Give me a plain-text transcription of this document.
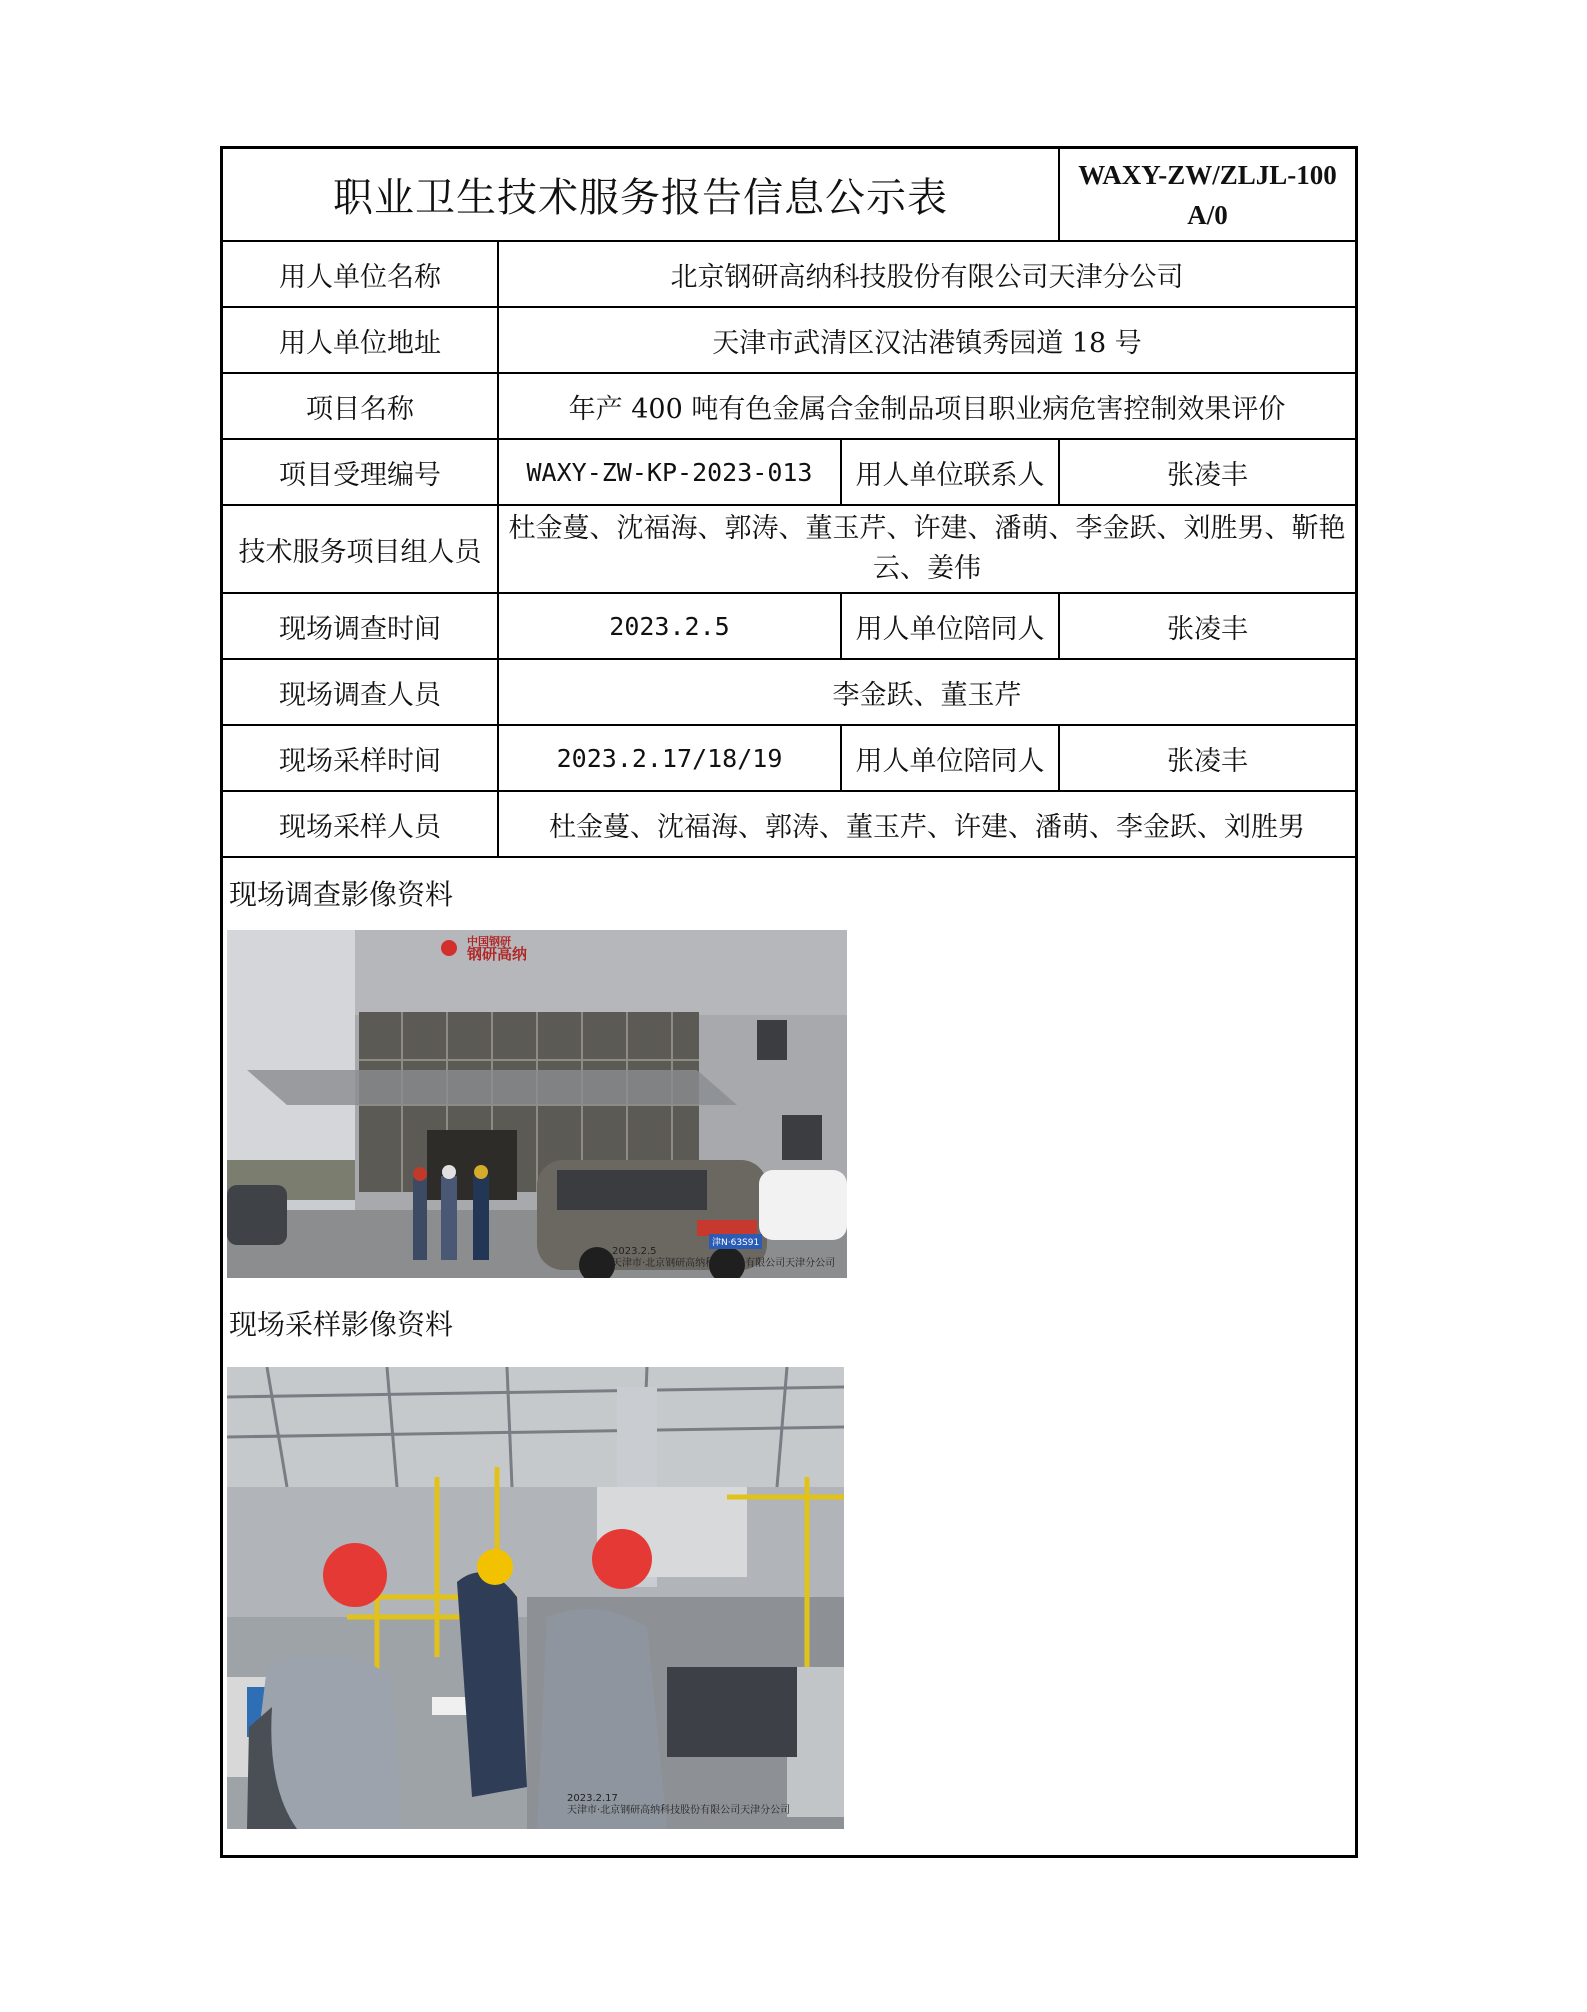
职业卫生技术服务报告信息公示表			WAXY-ZW/ZLJL-100
A/0

用人单位名称	北京钢研高纳科技股份有限公司天津分公司		
用人单位地址	天津市武清区汉沽港镇秀园道 18 号		
项目名称	年产 400 吨有色金属合金制品项目职业病危害控制效果评价		
项目受理编号	WAXY-ZW-KP-2023-013	用人单位联系人	张凌丰
技术服务项目组人员	杜金蔓、沈福海、郭涛、董玉芹、许建、潘萌、李金跃、刘胜男、靳艳云、姜伟		
现场调查时间	2023.2.5	用人单位陪同人	张凌丰
现场调查人员	李金跃、董玉芹		
现场采样时间	2023.2.17/18/19	用人单位陪同人	张凌丰
现场采样人员	杜金蔓、沈福海、郭涛、董玉芹、许建、潘萌、李金跃、刘胜男		
现场调查影像资料
中国钢研
钢研高纳
津N·63S91
2023.2.5
天津市·北京钢研高纳科技股份有限公司天津分公司
现场采样影像资料
2023.2.17
天津市·北京钢研高纳科技股份有限公司天津分公司
